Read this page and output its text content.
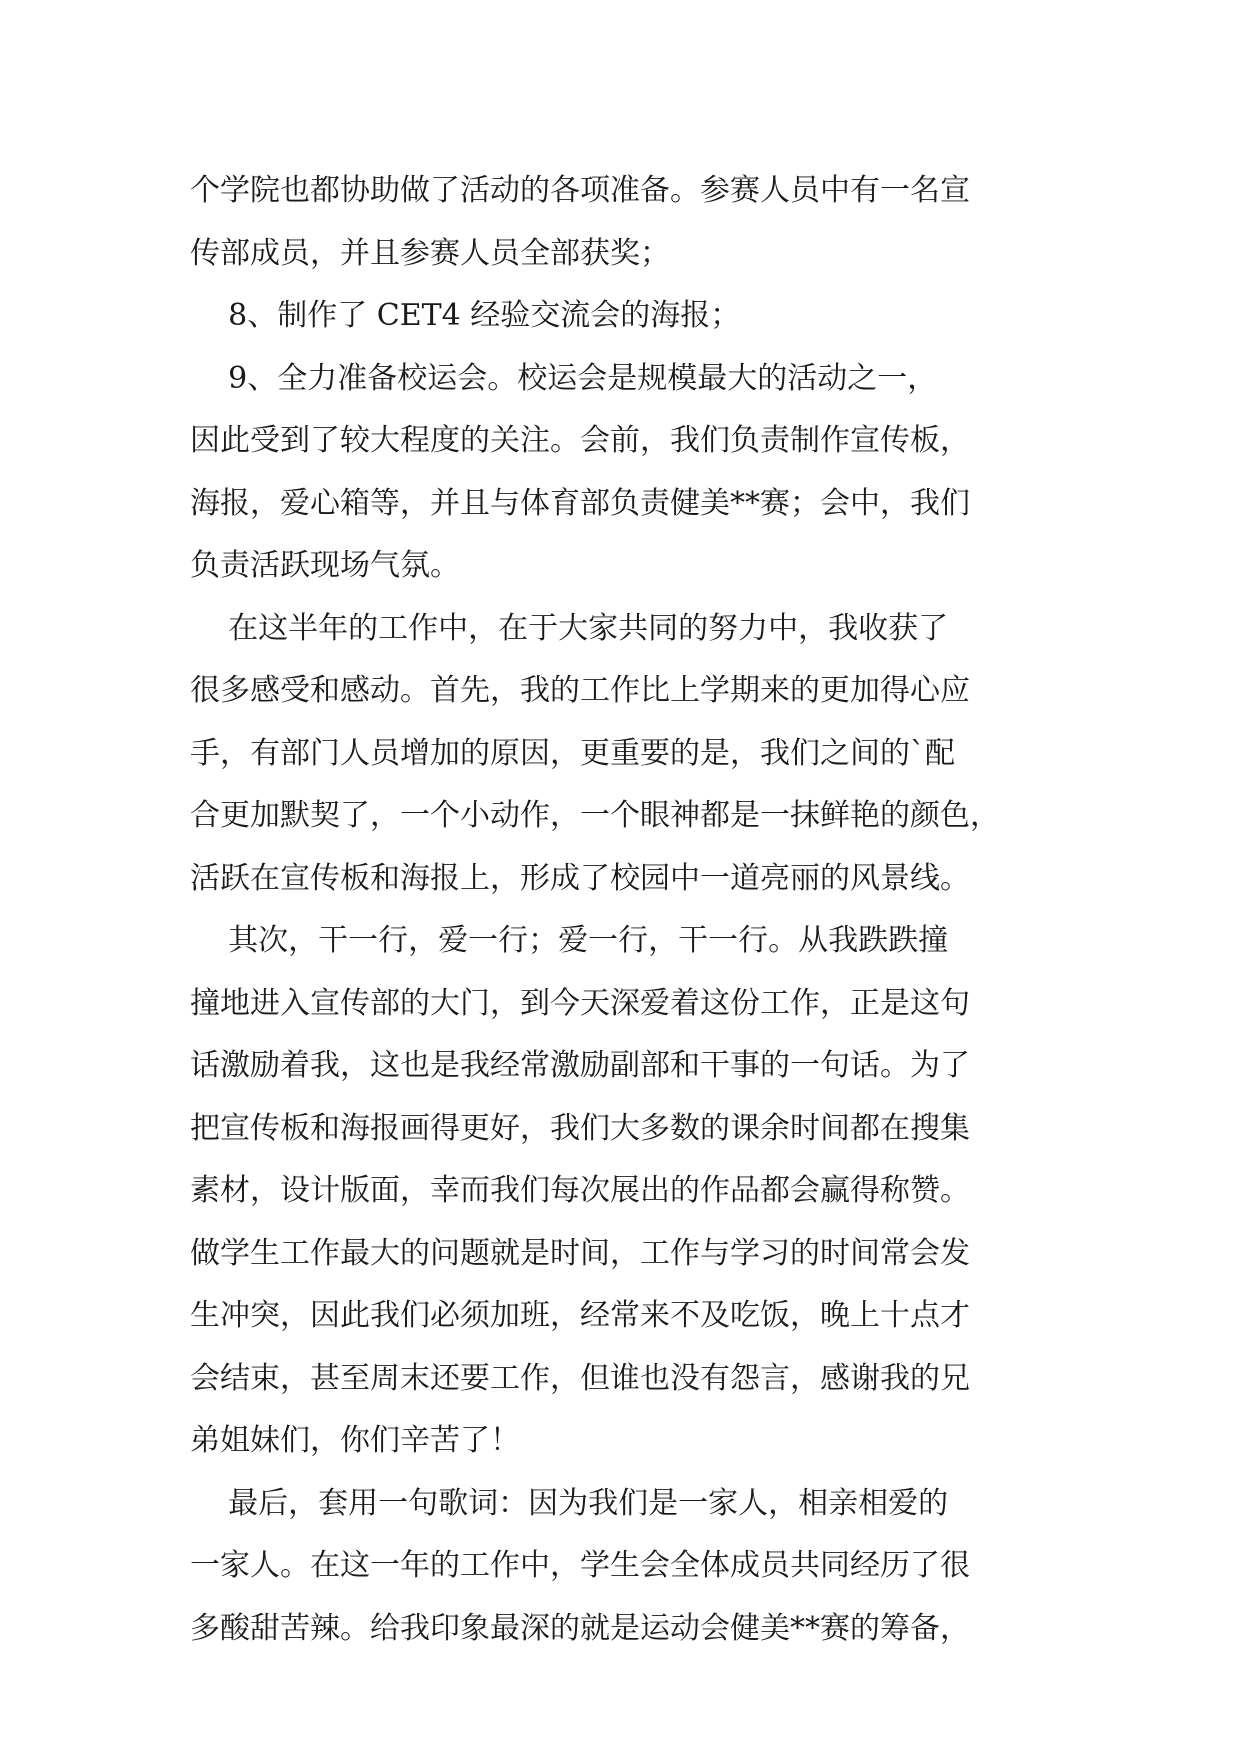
个学院也都协助做了活动的各项准备。参赛人员中有一名宣

传部成员，并且参赛人员全部获奖；

8、制作了 CET4 经验交流会的海报；

9、全力准备校运会。校运会是规模最大的活动之一，

因此受到了较大程度的关注。会前，我们负责制作宣传板，

海报，爱心箱等，并且与体育部负责健美**赛；会中，我们

负责活跃现场气氛。

在这半年的工作中，在于大家共同的努力中，我收获了

很多感受和感动。首先，我的工作比上学期来的更加得心应

手，有部门人员增加的原因，更重要的是，我们之间的`配

合更加默契了，一个小动作，一个眼神都是一抹鲜艳的颜色，

活跃在宣传板和海报上，形成了校园中一道亮丽的风景线。

其次，干一行，爱一行；爱一行，干一行。从我跌跌撞

撞地进入宣传部的大门，到今天深爱着这份工作，正是这句

话激励着我，这也是我经常激励副部和干事的一句话。为了

把宣传板和海报画得更好，我们大多数的课余时间都在搜集

素材，设计版面，幸而我们每次展出的作品都会赢得称赞。

做学生工作最大的问题就是时间，工作与学习的时间常会发

生冲突，因此我们必须加班，经常来不及吃饭，晚上十点才

会结束，甚至周末还要工作，但谁也没有怨言，感谢我的兄

弟姐妹们，你们辛苦了！

最后，套用一句歌词：因为我们是一家人，相亲相爱的

一家人。在这一年的工作中，学生会全体成员共同经历了很

多酸甜苦辣。给我印象最深的就是运动会健美**赛的筹备，
